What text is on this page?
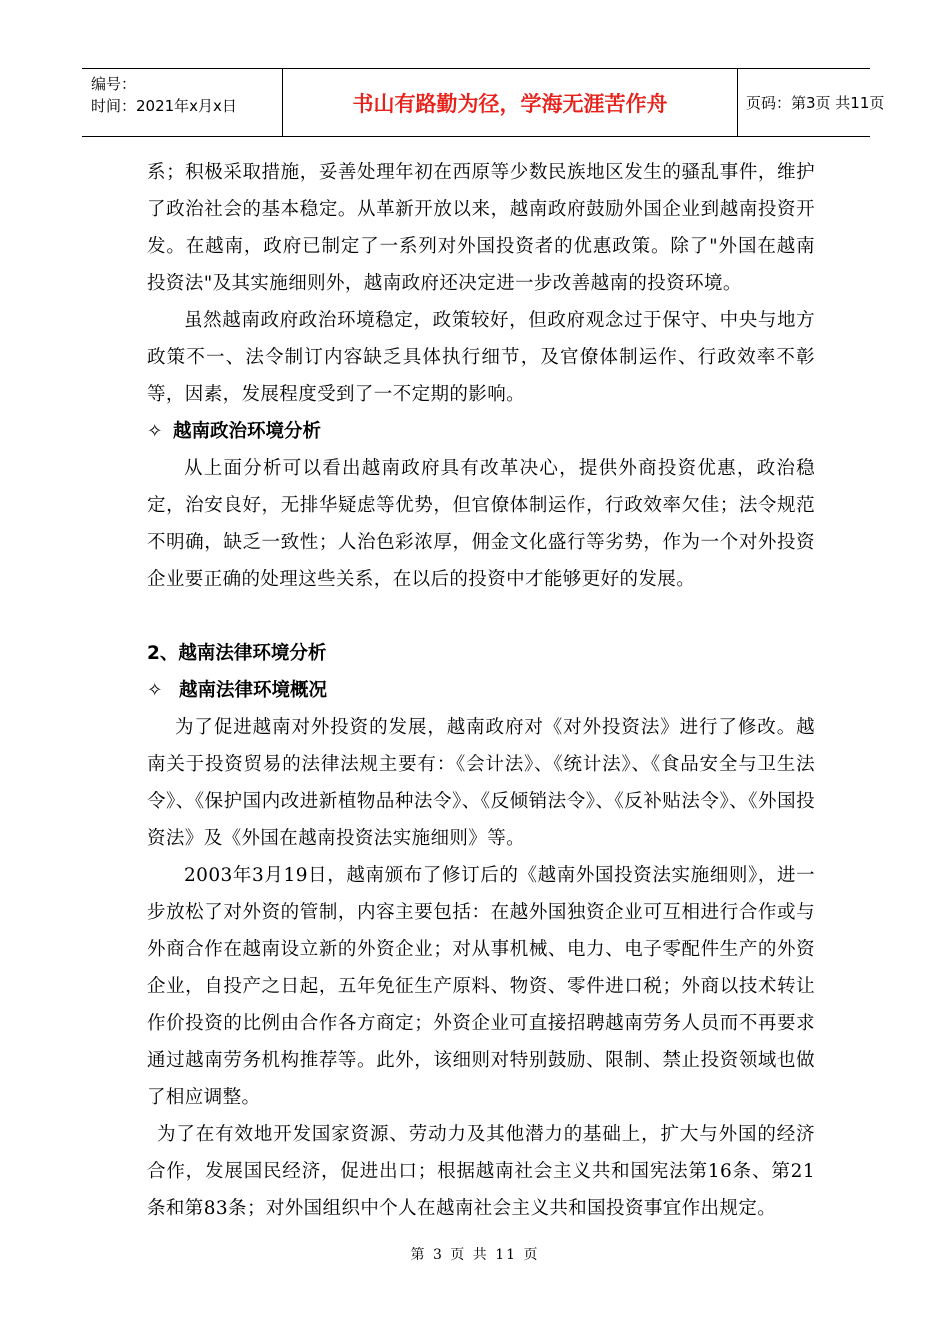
编号：
时间：2021年x月x日	书山有路勤为径，学海无涯苦作舟	页码：第3页 共11页

系；积极采取措施，妥善处理年初在西原等少数民族地区发生的骚乱事件，维护了政治社会的基本稳定。从革新开放以来，越南政府鼓励外国企业到越南投资开发。在越南，政府已制定了一系列对外国投资者的优惠政策。除了"外国在越南投资法"及其实施细则外，越南政府还决定进一步改善越南的投资环境。

虽然越南政府政治环境稳定，政策较好，但政府观念过于保守、中央与地方政策不一、法令制订内容缺乏具体执行细节，及官僚体制运作、行政效率不彰等，因素，发展程度受到了一不定期的影响。

✧ 越南政治环境分析

从上面分析可以看出越南政府具有改革决心，提供外商投资优惠，政治稳定，治安良好，无排华疑虑等优势，但官僚体制运作，行政效率欠佳；法令规范不明确，缺乏一致性；人治色彩浓厚，佣金文化盛行等劣势，作为一个对外投资企业要正确的处理这些关系，在以后的投资中才能够更好的发展。

2、越南法律环境分析

✧ 越南法律环境概况

为了促进越南对外投资的发展，越南政府对《对外投资法》进行了修改。越南关于投资贸易的法律法规主要有：《会计法》、《统计法》、《食品安全与卫生法令》、《保护国内改进新植物品种法令》、《反倾销法令》、《反补贴法令》、《外国投资法》及《外国在越南投资法实施细则》等。

2003年3月19日，越南颁布了修订后的《越南外国投资法实施细则》，进一步放松了对外资的管制，内容主要包括：在越外国独资企业可互相进行合作或与外商合作在越南设立新的外资企业；对从事机械、电力、电子零配件生产的外资企业，自投产之日起，五年免征生产原料、物资、零件进口税；外商以技术转让作价投资的比例由合作各方商定；外资企业可直接招聘越南劳务人员而不再要求通过越南劳务机构推荐等。此外，该细则对特别鼓励、限制、禁止投资领域也做了相应调整。

为了在有效地开发国家资源、劳动力及其他潜力的基础上，扩大与外国的经济合作，发展国民经济，促进出口；根据越南社会主义共和国宪法第16条、第21条和第83条；对外国组织中个人在越南社会主义共和国投资事宜作出规定。

第 3 页 共 11 页
